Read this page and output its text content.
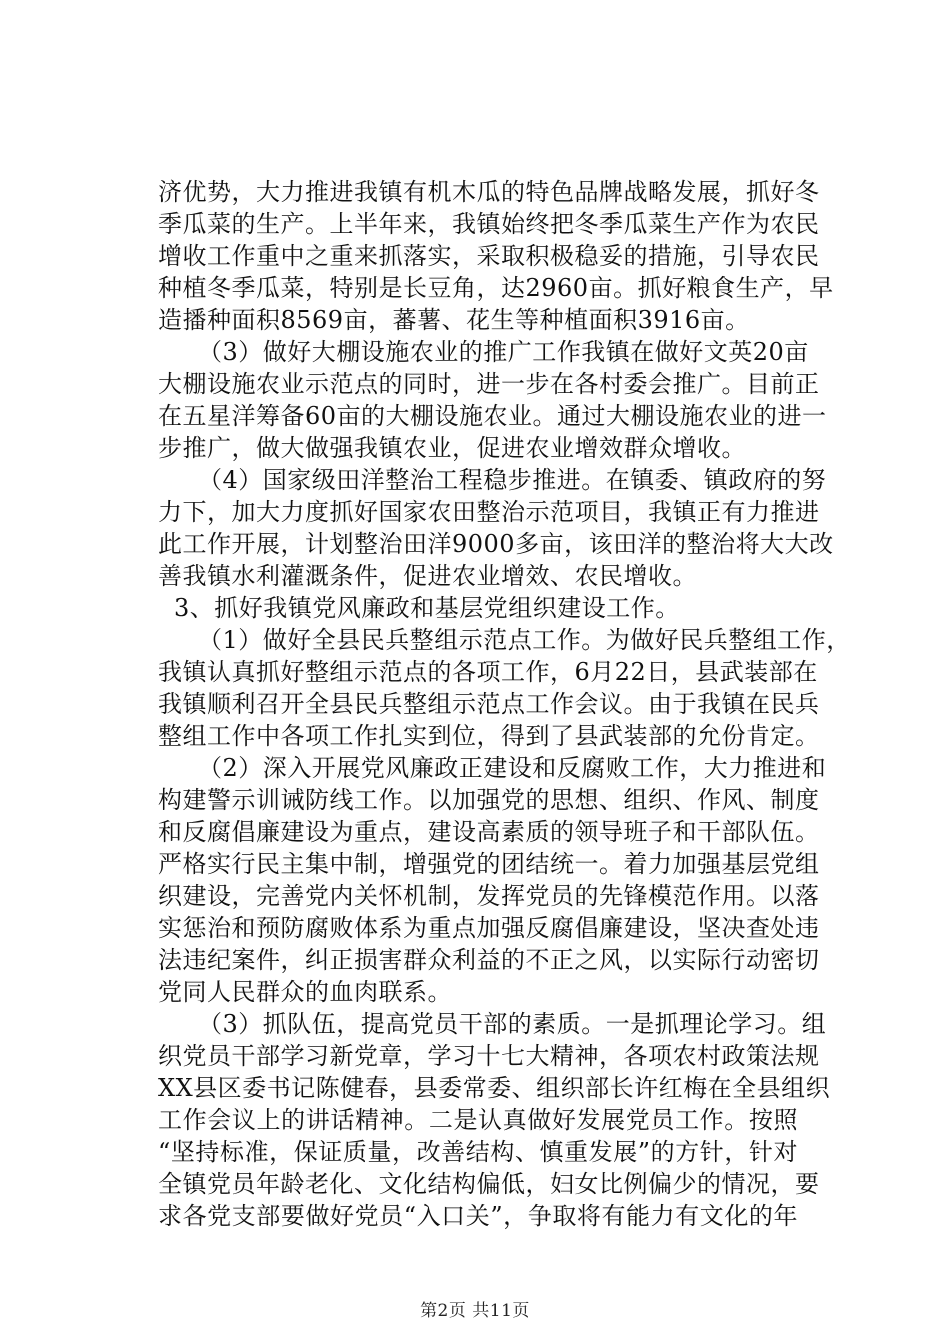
济优势，大力推进我镇有机木瓜的特色品牌战略发展，抓好冬
季瓜菜的生产。上半年来，我镇始终把冬季瓜菜生产作为农民
增收工作重中之重来抓落实，采取积极稳妥的措施，引导农民
种植冬季瓜菜，特别是长豆角，达2960亩。抓好粮食生产，早
造播种面积8569亩，蕃薯、花生等种植面积3916亩。
（3）做好大棚设施农业的推广工作我镇在做好文英20亩
大棚设施农业示范点的同时，进一步在各村委会推广。目前正
在五星洋筹备60亩的大棚设施农业。通过大棚设施农业的进一
步推广，做大做强我镇农业，促进农业增效群众增收。
（4）国家级田洋整治工程稳步推进。在镇委、镇政府的努
力下，加大力度抓好国家农田整治示范项目，我镇正有力推进
此工作开展，计划整治田洋9000多亩，该田洋的整治将大大改
善我镇水利灌溉条件，促进农业增效、农民增收。
3、抓好我镇党风廉政和基层党组织建设工作。
（1）做好全县民兵整组示范点工作。为做好民兵整组工作，
我镇认真抓好整组示范点的各项工作，6月22日，县武装部在
我镇顺利召开全县民兵整组示范点工作会议。由于我镇在民兵
整组工作中各项工作扎实到位，得到了县武装部的允份肯定。
（2）深入开展党风廉政正建设和反腐败工作，大力推进和
构建警示训诫防线工作。以加强党的思想、组织、作风、制度
和反腐倡廉建设为重点，建设高素质的领导班子和干部队伍。
严格实行民主集中制，增强党的团结统一。着力加强基层党组
织建设，完善党内关怀机制，发挥党员的先锋模范作用。以落
实惩治和预防腐败体系为重点加强反腐倡廉建设，坚决查处违
法违纪案件，纠正损害群众利益的不正之风，以实际行动密切
党同人民群众的血肉联系。
（3）抓队伍，提高党员干部的素质。一是抓理论学习。组
织党员干部学习新党章，学习十七大精神，各项农村政策法规
XX县区委书记陈健春，县委常委、组织部长许红梅在全县组织
工作会议上的讲话精神。二是认真做好发展党员工作。按照
“坚持标准，保证质量，改善结构、慎重发展”的方针，针对
全镇党员年龄老化、文化结构偏低，妇女比例偏少的情况，要
求各党支部要做好党员“入口关”，争取将有能力有文化的年
第2页 共11页
